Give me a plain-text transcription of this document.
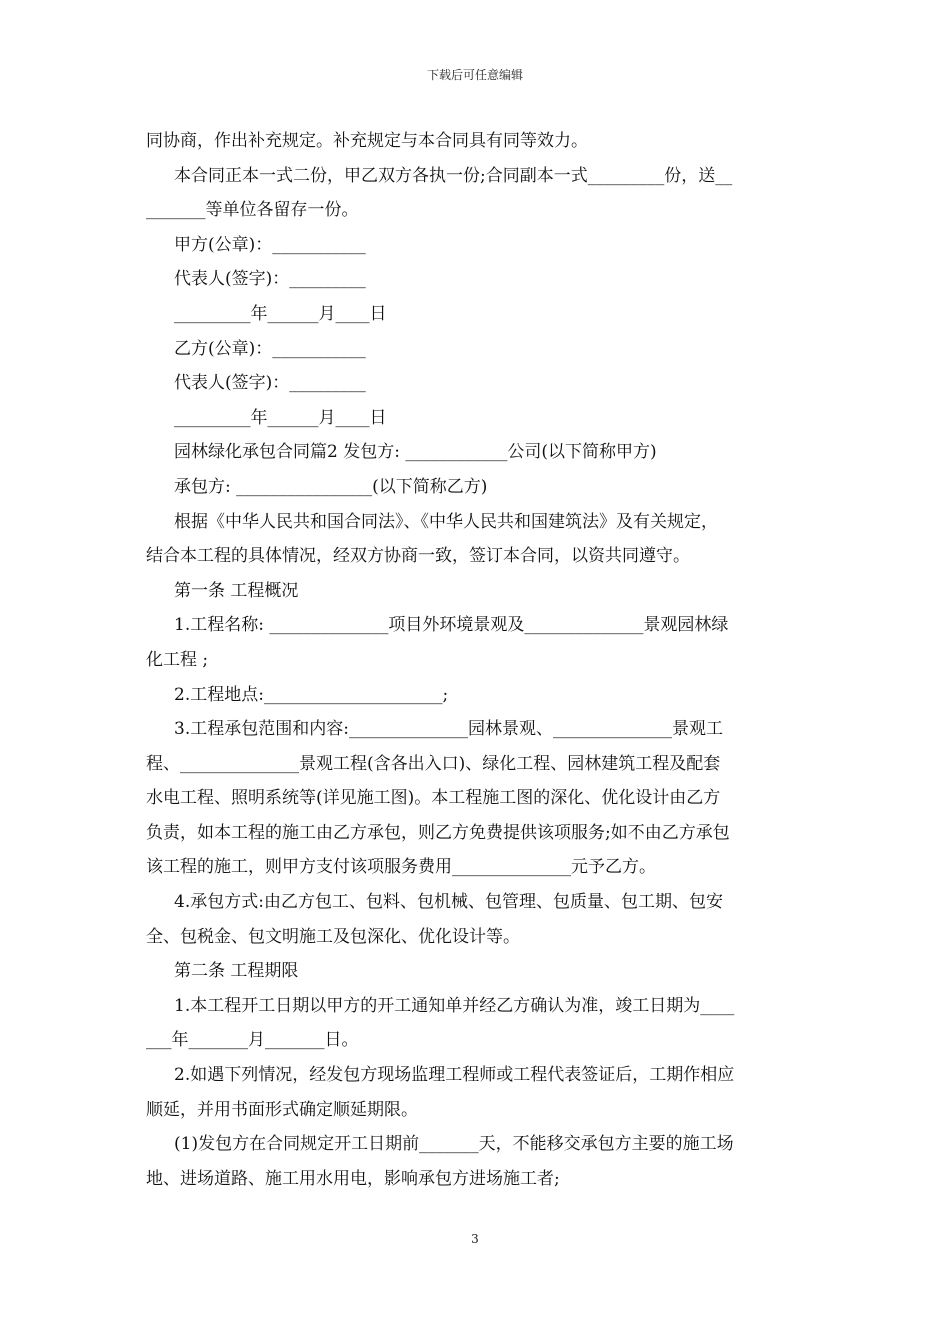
下载后可任意编辑
同协商，作出补充规定。补充规定与本合同具有同等效力。
本合同正本一式二份，甲乙双方各执一份;合同副本一式_________份，送__
_______等单位各留存一份。
甲方(公章)：___________
代表人(签字)：_________
_________年______月____日
乙方(公章)：___________
代表人(签字)：_________
_________年______月____日
园林绿化承包合同篇2 发包方: ____________公司(以下简称甲方)
承包方: ________________(以下简称乙方)
根据《中华人民共和国合同法》、《中华人民共和国建筑法》及有关规定，
结合本工程的具体情况，经双方协商一致，签订本合同，以资共同遵守。
第一条 工程概况
1.工程名称: ______________项目外环境景观及______________景观园林绿
化工程 ;
2.工程地点:_____________________;
3.工程承包范围和内容:______________园林景观、______________景观工
程、______________景观工程(含各出入口)、绿化工程、园林建筑工程及配套
水电工程、照明系统等(详见施工图)。本工程施工图的深化、优化设计由乙方
负责，如本工程的施工由乙方承包，则乙方免费提供该项服务;如不由乙方承包
该工程的施工，则甲方支付该项服务费用______________元予乙方。
4.承包方式:由乙方包工、包料、包机械、包管理、包质量、包工期、包安
全、包税金、包文明施工及包深化、优化设计等。
第二条 工程期限
1.本工程开工日期以甲方的开工通知单并经乙方确认为准，竣工日期为____
___年_______月_______日。
2.如遇下列情况，经发包方现场监理工程师或工程代表签证后，工期作相应
顺延，并用书面形式确定顺延期限。
(1)发包方在合同规定开工日期前_______天，不能移交承包方主要的施工场
地、进场道路、施工用水用电，影响承包方进场施工者;
3
